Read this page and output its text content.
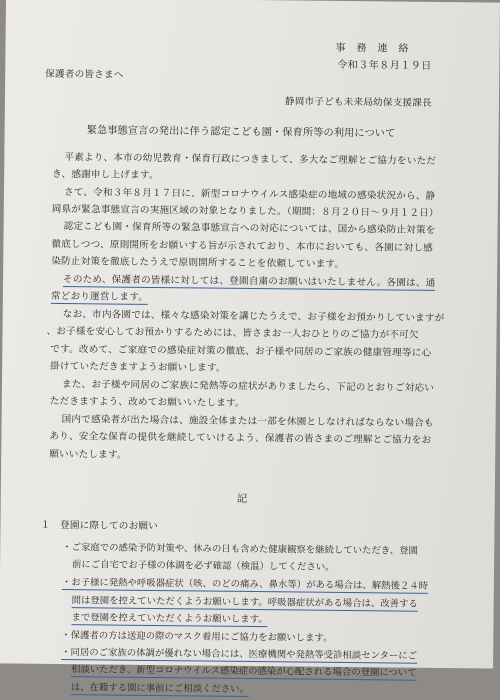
事　務　連　絡
令和３年８月１９日
保護者の皆さまへ
静岡市子ども未来局幼保支援課長
緊急事態宣言の発出に伴う認定こども園・保育所等の利用について
平素より、本市の幼児教育・保育行政につきまして、多大なご理解とご協力をいただ
き、感謝申し上げます。
さて、令和３年８月１７日に、新型コロナウイルス感染症の地域の感染状況から、静
岡県が緊急事態宣言の実施区域の対象となりました。（期間：８月２０日～９月１２日）
認定こども園・保育所等の緊急事態宣言への対応については、国から感染防止対策を
徹底しつつ、原則開所をお願いする旨が示されており、本市においても、各園に対し感
染防止対策を徹底したうえで原則開所することを依頼しています。
そのため、保護者の皆様に対しては、登園自粛のお願いはいたしません。各園は、通
常どおり運営します。
なお、市内各園では、様々な感染対策を講じたうえで、お子様をお預かりしていますが
、お子様を安心してお預かりするためには、皆さまお一人おひとりのご協力が不可欠
です。改めて、ご家庭での感染症対策の徹底、お子様や同居のご家族の健康管理等に心
掛けていただきますようお願いします。
また、お子様や同居のご家族に発熱等の症状がありましたら、下記のとおりご対応い
ただきますよう、改めてお願いいたします。
国内で感染者が出た場合は、施設全体または一部を休園としなければならない場合も
あり、安全な保育の提供を継続していけるよう、保護者の皆さまのご理解とご協力をお
願いいたします。
記
１　登園に際してのお願い
・ご家庭での感染予防対策や、休みの日も含めた健康観察を継続していただき、登園
前にご自宅でお子様の体調を必ず確認（検温）してください。
・お子様に発熱や呼吸器症状（咳、のどの痛み、鼻水等）がある場合は、解熱後２４時
間は登園を控えていただくようお願いします。呼吸器症状がある場合は、改善する
まで登園を控えていただくようお願いします。
・保護者の方は送迎の際のマスク着用にご協力をお願いします。
・同居のご家族の体調が優れない場合には、医療機関や発熱等受診相談センターにご
相談いただき、新型コロナウイルス感染症の感染が心配される場合の登園について
は、在籍する園に事前にご相談ください。
